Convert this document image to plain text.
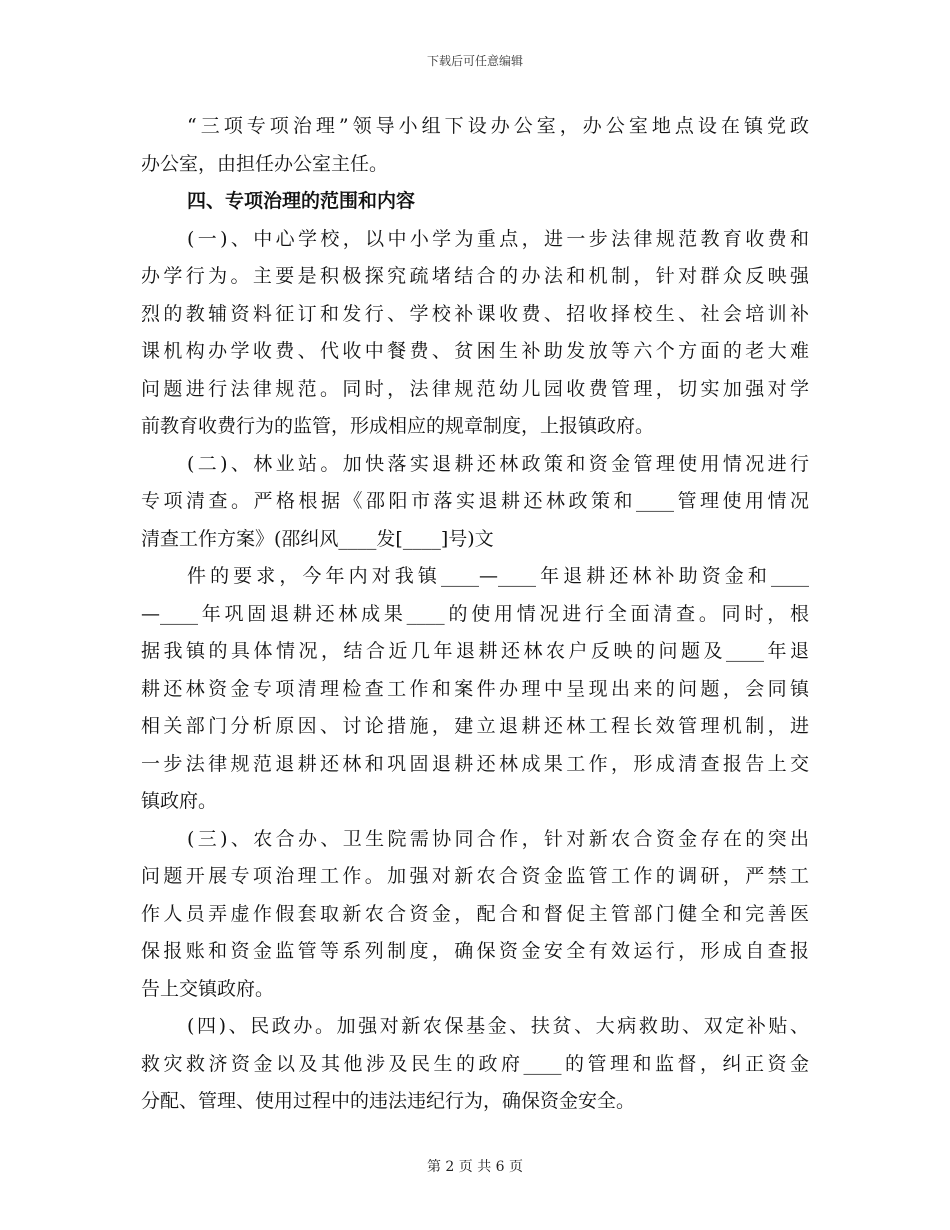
下载后可任意编辑
“三项专项治理”领导小组下设办公室，办公室地点设在镇党政
办公室，由担任办公室主任。
四、专项治理的范围和内容
(一)、中心学校，以中小学为重点，进一步法律规范教育收费和
办学行为。主要是积极探究疏堵结合的办法和机制，针对群众反映强
烈的教辅资料征订和发行、学校补课收费、招收择校生、社会培训补
课机构办学收费、代收中餐费、贫困生补助发放等六个方面的老大难
问题进行法律规范。同时，法律规范幼儿园收费管理，切实加强对学
前教育收费行为的监管，形成相应的规章制度，上报镇政府。
(二)、林业站。加快落实退耕还林政策和资金管理使用情况进行
专项清查。严格根据《邵阳市落实退耕还林政策和____管理使用情况
清查工作方案》(邵纠风____发[____]号)文
件的要求，今年内对我镇____—____年退耕还林补助资金和____
—____年巩固退耕还林成果____的使用情况进行全面清查。同时，根
据我镇的具体情况，结合近几年退耕还林农户反映的问题及____年退
耕还林资金专项清理检查工作和案件办理中呈现出来的问题，会同镇
相关部门分析原因、讨论措施，建立退耕还林工程长效管理机制，进
一步法律规范退耕还林和巩固退耕还林成果工作，形成清查报告上交
镇政府。
(三)、农合办、卫生院需协同合作，针对新农合资金存在的突出
问题开展专项治理工作。加强对新农合资金监管工作的调研，严禁工
作人员弄虚作假套取新农合资金，配合和督促主管部门健全和完善医
保报账和资金监管等系列制度，确保资金安全有效运行，形成自查报
告上交镇政府。
(四)、民政办。加强对新农保基金、扶贫、大病救助、双定补贴、
救灾救济资金以及其他涉及民生的政府____的管理和监督，纠正资金
分配、管理、使用过程中的违法违纪行为，确保资金安全。
第 2 页 共 6 页
